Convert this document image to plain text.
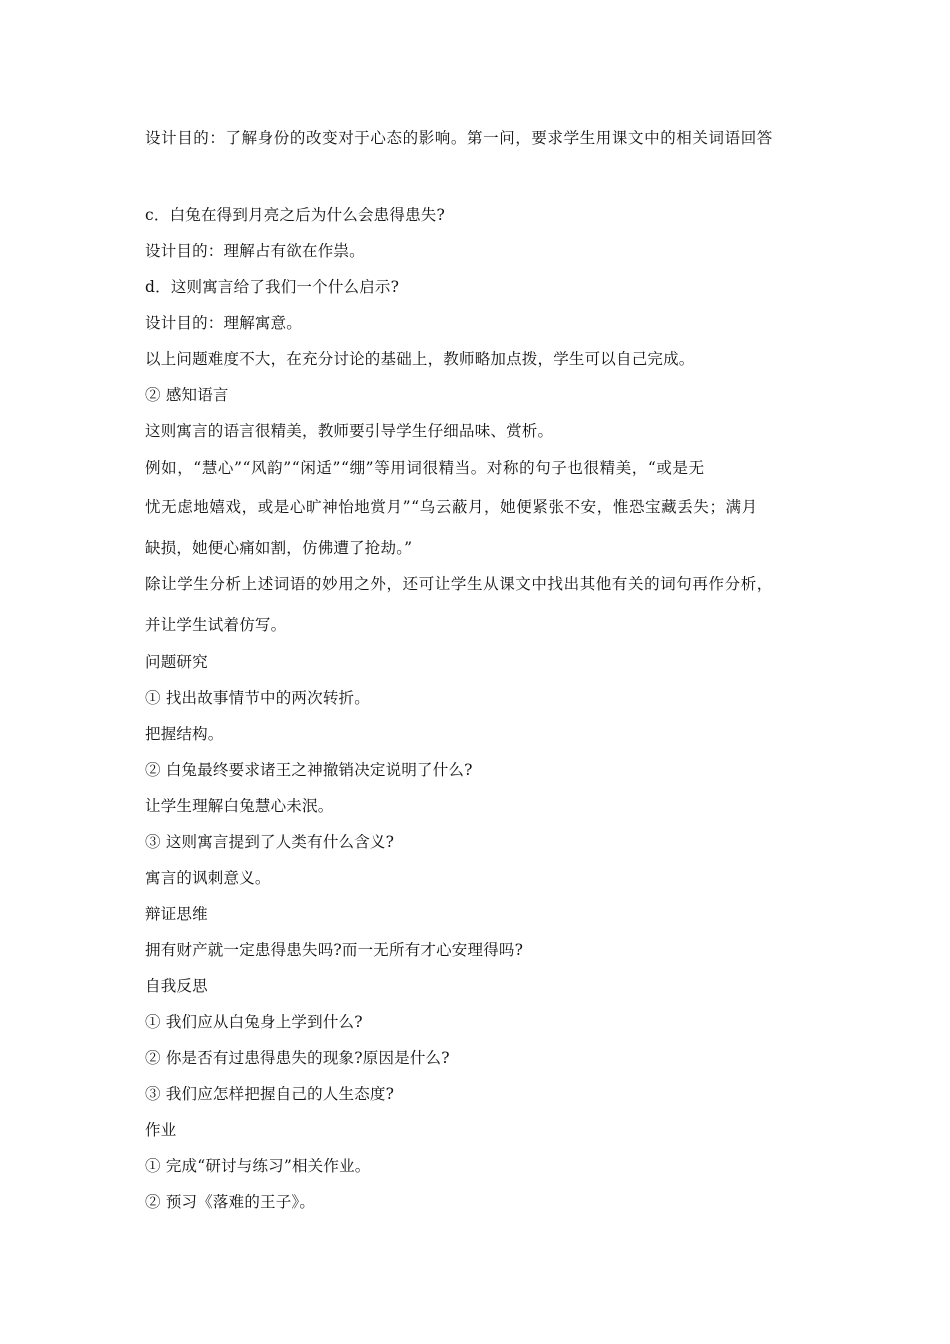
设计目的：了解身份的改变对于心态的影响。第一问，要求学生用课文中的相关词语回答
c．白兔在得到月亮之后为什么会患得患失?
设计目的：理解占有欲在作祟。
d．这则寓言给了我们一个什么启示?
设计目的：理解寓意。
以上问题难度不大，在充分讨论的基础上，教师略加点拨，学生可以自己完成。
② 感知语言
这则寓言的语言很精美，教师要引导学生仔细品味、赏析。
例如，“慧心”“风韵”“闲适”“绷”等用词很精当。对称的句子也很精美，“或是无
忧无虑地嬉戏，或是心旷神怡地赏月”“乌云蔽月，她便紧张不安，惟恐宝藏丢失；满月
缺损，她便心痛如割，仿佛遭了抢劫。”
除让学生分析上述词语的妙用之外，还可让学生从课文中找出其他有关的词句再作分析，
并让学生试着仿写。
问题研究
① 找出故事情节中的两次转折。
把握结构。
② 白兔最终要求诸王之神撤销决定说明了什么?
让学生理解白兔慧心未泯。
③ 这则寓言提到了人类有什么含义?
寓言的讽刺意义。
辩证思维
拥有财产就一定患得患失吗?而一无所有才心安理得吗?
自我反思
① 我们应从白兔身上学到什么?
② 你是否有过患得患失的现象?原因是什么?
③ 我们应怎样把握自己的人生态度?
作业
① 完成“研讨与练习”相关作业。
② 预习《落难的王子》。
